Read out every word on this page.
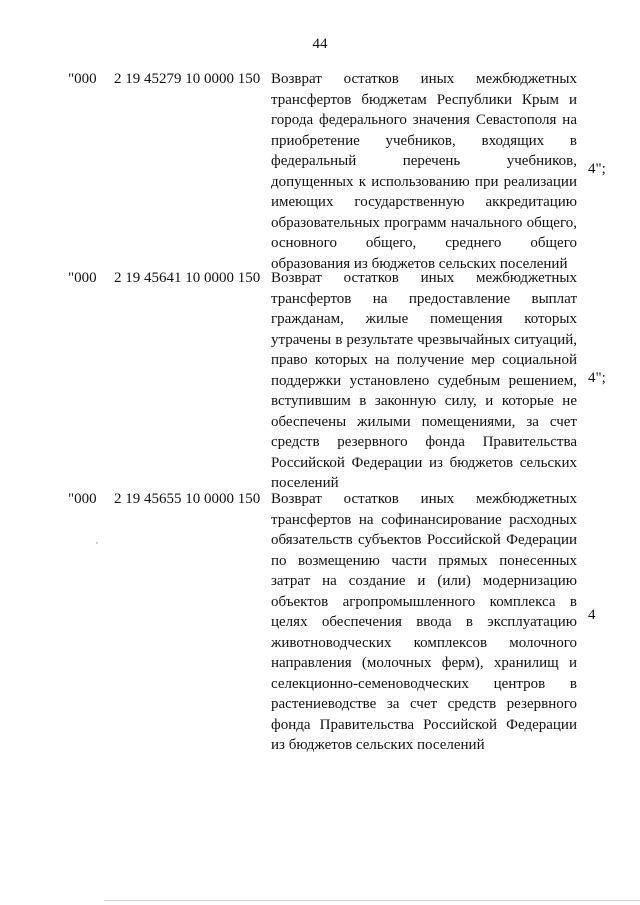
44
"000 2 19 45279 10 0000 150 Возврат остатков иных межбюджетных трансфертов бюджетам Республики Крым и города федерального значения Севастополя на приобретение учебников, входящих в федеральный перечень учебников, допущенных к использованию при реализации имеющих государственную аккредитацию образовательных программ начального общего, основного общего, среднего общего образования из бюджетов сельских поселений
4";
"000 2 19 45641 10 0000 150 Возврат остатков иных межбюджетных трансфертов на предоставление выплат гражданам, жилые помещения которых утрачены в результате чрезвычайных ситуаций, право которых на получение мер социальной поддержки установлено судебным решением, вступившим в законную силу, и которые не обеспечены жилыми помещениями, за счет средств резервного фонда Правительства Российской Федерации из бюджетов сельских поселений
4";
"000 2 19 45655 10 0000 150 Возврат остатков иных межбюджетных трансфертов на софинансирование расходных обязательств субъектов Российской Федерации по возмещению части прямых понесенных затрат на создание и (или) модернизацию объектов агропромышленного комплекса в целях обеспечения ввода в эксплуатацию животноводческих комплексов молочного направления (молочных ферм), хранилищ и селекционно-семеноводческих центров в растениеводстве за счет средств резервного фонда Правительства Российской Федерации из бюджетов сельских поселений
4
